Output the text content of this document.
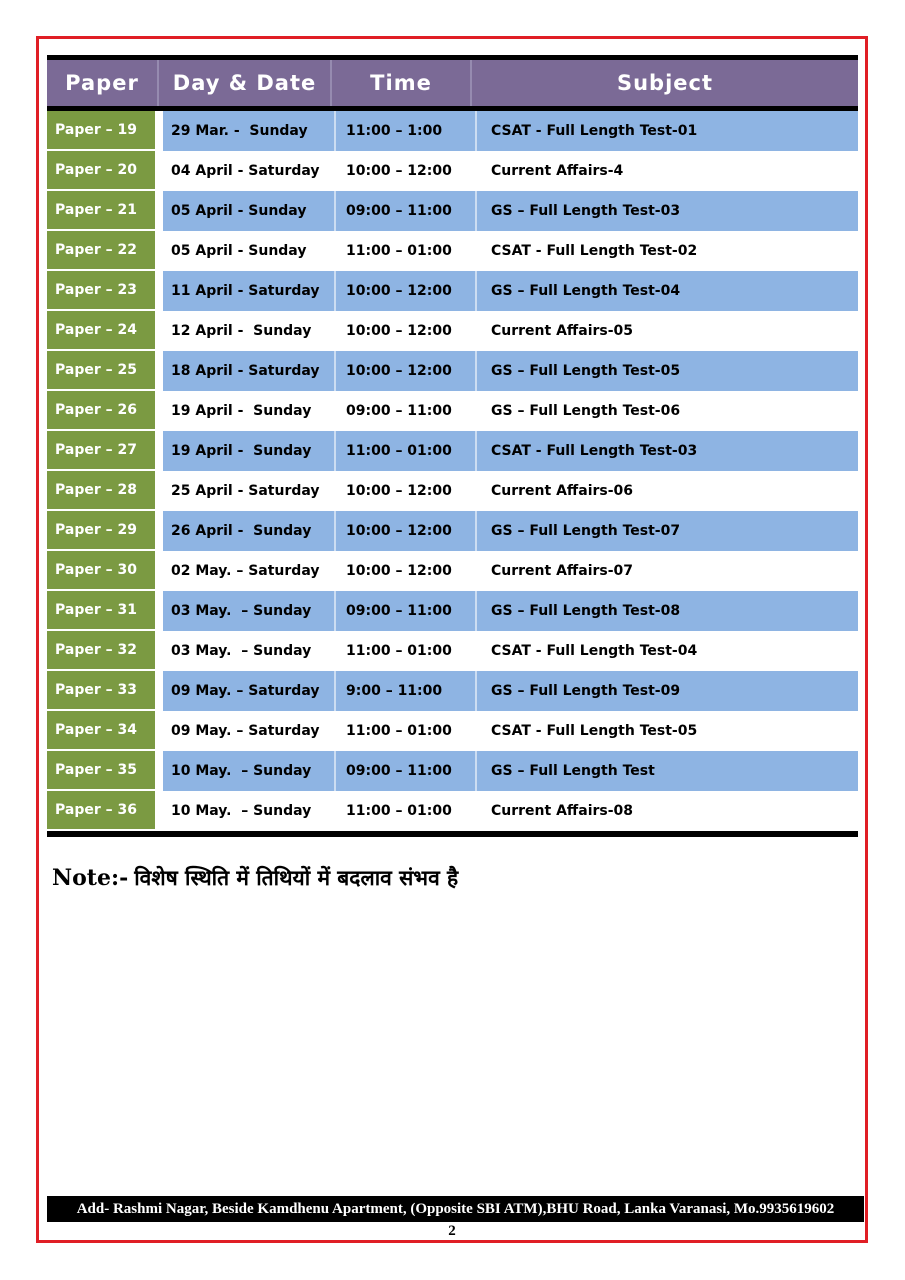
Paper	Day & Date	Time	Subject
Paper – 19	29 Mar. -  Sunday	11:00 – 1:00	CSAT - Full Length Test-01
Paper – 20	04 April - Saturday	10:00 – 12:00	Current Affairs-4
Paper – 21	05 April - Sunday	09:00 – 11:00	GS – Full Length Test-03
Paper – 22	05 April - Sunday	11:00 – 01:00	CSAT - Full Length Test-02
Paper – 23	11 April - Saturday	10:00 – 12:00	GS – Full Length Test-04
Paper – 24	12 April -  Sunday	10:00 – 12:00	Current Affairs-05
Paper – 25	18 April - Saturday	10:00 – 12:00	GS – Full Length Test-05
Paper – 26	19 April -  Sunday	09:00 – 11:00	GS – Full Length Test-06
Paper – 27	19 April -  Sunday	11:00 – 01:00	CSAT - Full Length Test-03
Paper – 28	25 April - Saturday	10:00 – 12:00	Current Affairs-06
Paper – 29	26 April -  Sunday	10:00 – 12:00	GS – Full Length Test-07
Paper – 30	02 May. – Saturday	10:00 – 12:00	Current Affairs-07
Paper – 31	03 May.  – Sunday	09:00 – 11:00	GS – Full Length Test-08
Paper – 32	03 May.  – Sunday	11:00 – 01:00	CSAT - Full Length Test-04
Paper – 33	09 May. – Saturday	9:00 – 11:00	GS – Full Length Test-09
Paper – 34	09 May. – Saturday	11:00 – 01:00	CSAT - Full Length Test-05
Paper – 35	10 May.  – Sunday	09:00 – 11:00	GS – Full Length Test
Paper – 36	10 May.  – Sunday	11:00 – 01:00	Current Affairs-08
Note:- विशेष स्थिति में तिथियों में बदलाव संभव है
Add- Rashmi Nagar, Beside Kamdhenu Apartment, (Opposite SBI ATM),BHU Road, Lanka Varanasi, Mo.9935619602
2
